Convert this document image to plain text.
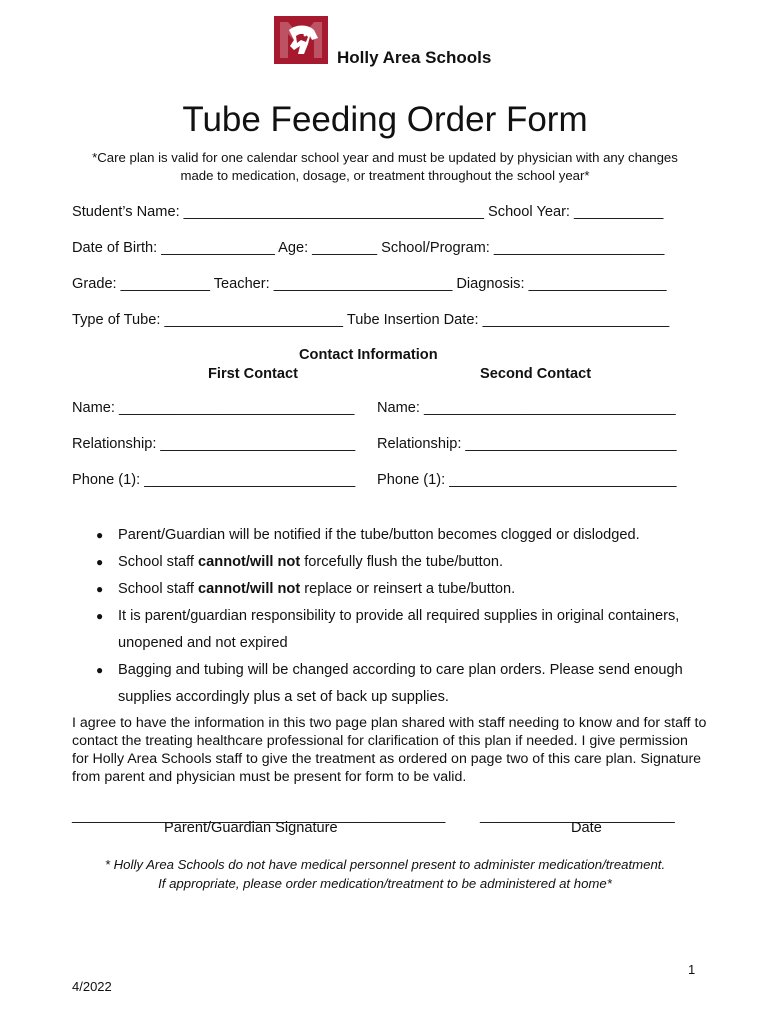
Holly Area Schools
Tube Feeding Order Form
*Care plan is valid for one calendar school year and must be updated by physician with any changes
made to medication, dosage, or treatment throughout the school year*
Student’s Name: _____________________________________ School Year: ___________
Date of Birth: ______________ Age: ________ School/Program: _____________________
Grade: ___________ Teacher: ______________________ Diagnosis: _________________
Type of Tube: ______________________ Tube Insertion Date: _______________________
Contact Information
First Contact	Second Contact
Name: _____________________________ Name: _______________________________
Relationship: ________________________ Relationship: __________________________
Phone (1): __________________________ Phone (1): ____________________________
● Parent/Guardian will be notified if the tube/button becomes clogged or dislodged.
● School staff cannot/will not forcefully flush the tube/button.
● School staff cannot/will not replace or reinsert a tube/button.
● It is parent/guardian responsibility to provide all required supplies in original containers, unopened and not expired
● Bagging and tubing will be changed according to care plan orders. Please send enough supplies accordingly plus a set of back up supplies.
I agree to have the information in this two page plan shared with staff needing to know and for staff to contact the treating healthcare professional for clarification of this plan if needed. I give permission for Holly Area Schools staff to give the treatment as ordered on page two of this care plan. Signature from parent and physician must be present for form to be valid.
______________________________________________ ________________________
Parent/Guardian Signature	Date
* Holly Area Schools do not have medical personnel present to administer medication/treatment.
If appropriate, please order medication/treatment to be administered at home*
1
4/2022
